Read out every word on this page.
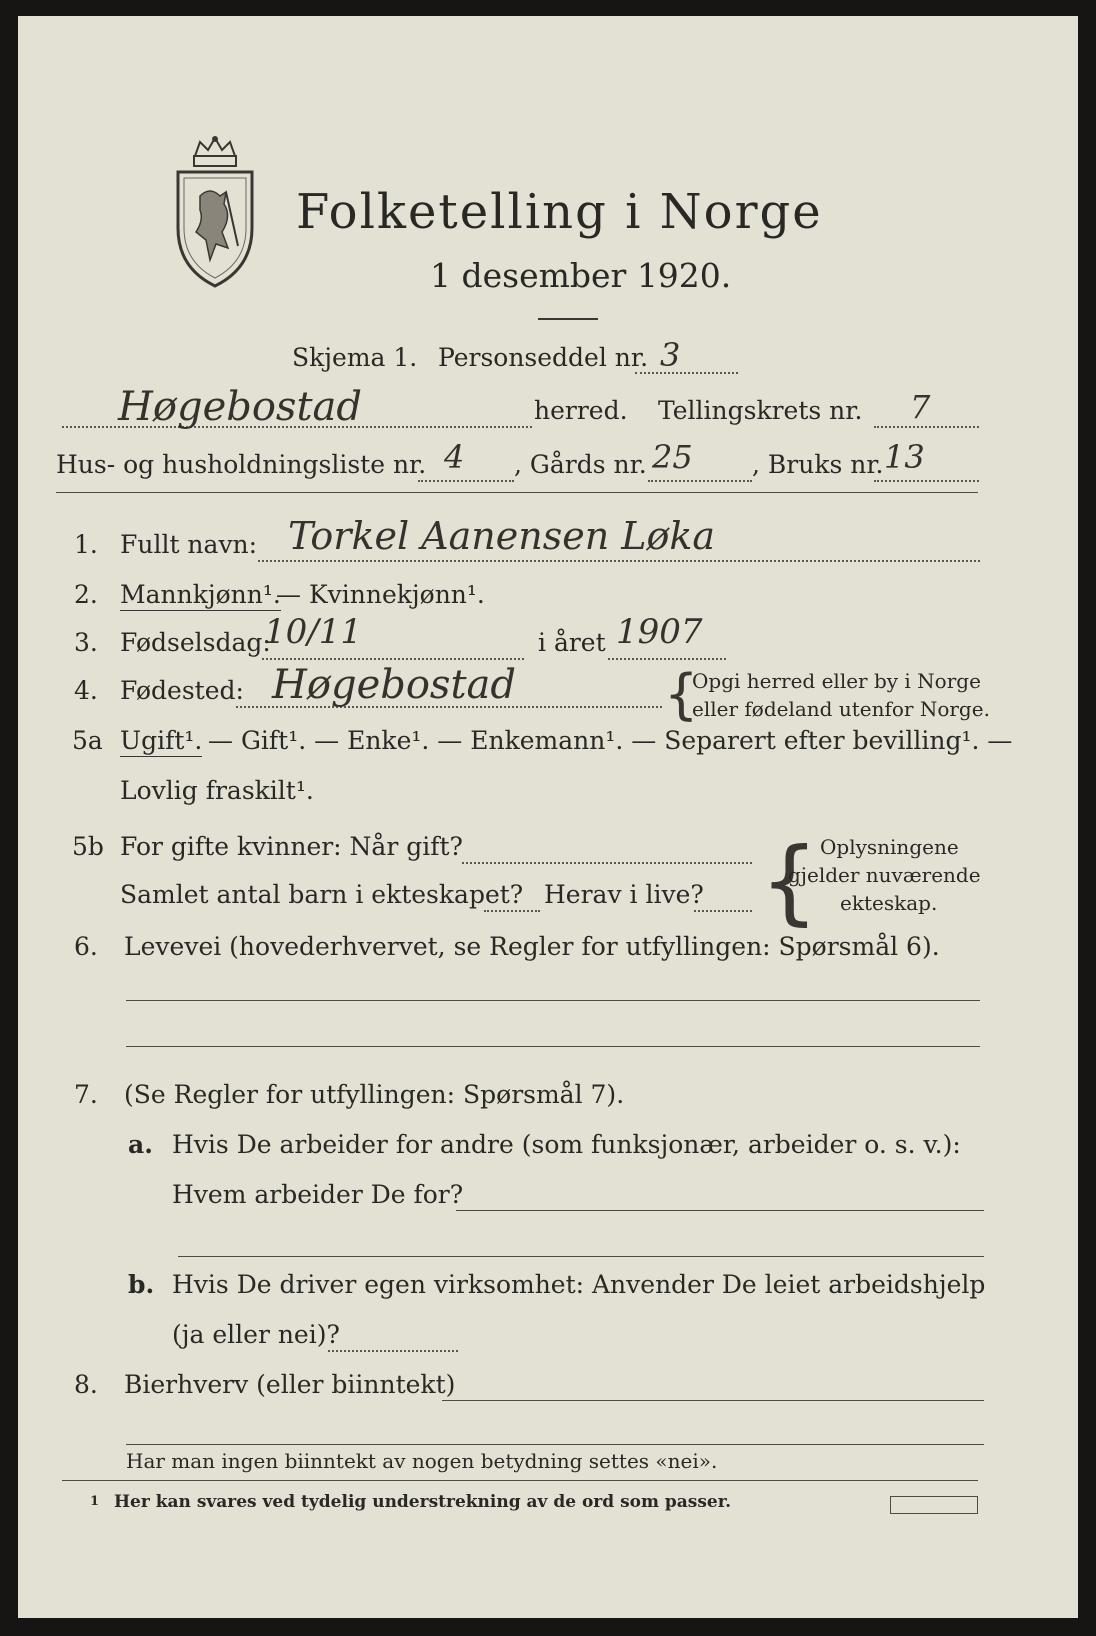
Folketelling i Norge
1 desember 1920.
Skjema 1. Personseddel nr. 3
Høgebostad	herred. Tellingskrets nr. 7
Hus- og husholdningsliste nr. 4 , Gårds nr. 25 , Bruks nr. 13
1. Fullt navn: Torkel Aanensen Løka
2. Mannkjønn¹.
— Kvinnekjønn¹.
3. Fødselsdag:
10/11	i året 1907
4. Fødested: Høgebostad	{
Opgi herred eller by i Norge
eller fødeland utenfor Norge.
5a Ugift¹. — Gift¹. — Enke¹. — Enkemann¹. — Separert efter bevilling¹. —
Lovlig fraskilt¹.
5b For gifte kvinner: Når gift?
Samlet antal barn i ekteskapet? Herav i live? { Oplysningene
gjelder nuværende
ekteskap.
6. Levevei (hovederhvervet, se Regler for utfyllingen: Spørsmål 6).
7. (Se Regler for utfyllingen: Spørsmål 7).
a. Hvis De arbeider for andre (som funksjonær, arbeider o. s. v.):
Hvem arbeider De for?
b. Hvis De driver egen virksomhet: Anvender De leiet arbeidshjelp
(ja eller nei)?
8. Bierhverv (eller biinntekt)
Har man ingen biinntekt av nogen betydning settes «nei».
1 Her kan svares ved tydelig understrekning av de ord som passer.
